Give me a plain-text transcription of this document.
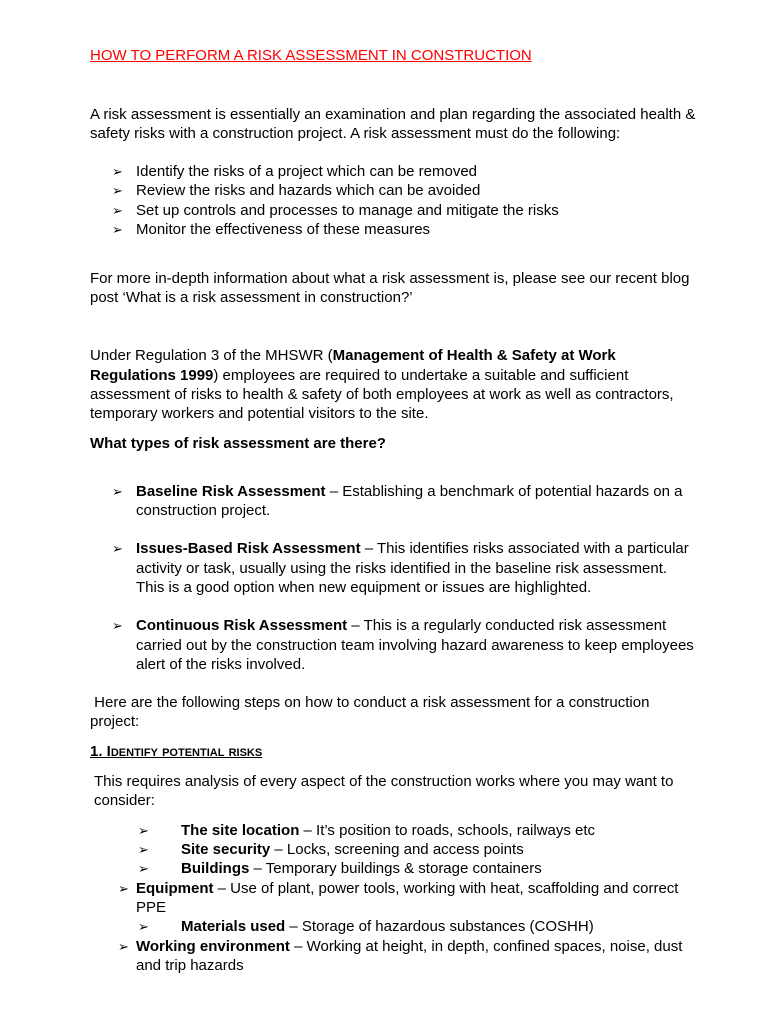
HOW TO PERFORM A RISK ASSESSMENT IN CONSTRUCTION
A risk assessment is essentially an examination and plan regarding the associated health &
safety risks with a construction project. A risk assessment must do the following:
➢ Identify the risks of a project which can be removed
➢ Review the risks and hazards which can be avoided
➢ Set up controls and processes to manage and mitigate the risks
➢ Monitor the effectiveness of these measures
For more in-depth information about what a risk assessment is, please see our recent blog
post ‘What is a risk assessment in construction?’
Under Regulation 3 of the MHSWR (Management of Health & Safety at Work
Regulations 1999) employees are required to undertake a suitable and sufficient
assessment of risks to health & safety of both employees at work as well as contractors,
temporary workers and potential visitors to the site.
What types of risk assessment are there?
➢ Baseline Risk Assessment – Establishing a benchmark of potential hazards on a
construction project.
➢ Issues-Based Risk Assessment – This identifies risks associated with a particular
activity or task, usually using the risks identified in the baseline risk assessment.
This is a good option when new equipment or issues are highlighted.
➢ Continuous Risk Assessment – This is a regularly conducted risk assessment
carried out by the construction team involving hazard awareness to keep employees
alert of the risks involved.
Here are the following steps on how to conduct a risk assessment for a construction
project:
1. Identify potential risks
This requires analysis of every aspect of the construction works where you may want to
consider:
➢ The site location – It’s position to roads, schools, railways etc
➢ Site security – Locks, screening and access points
➢ Buildings – Temporary buildings & storage containers
➢ Equipment – Use of plant, power tools, working with heat, scaffolding and correct
PPE
➢ Materials used – Storage of hazardous substances (COSHH)
➢ Working environment – Working at height, in depth, confined spaces, noise, dust
and trip hazards
